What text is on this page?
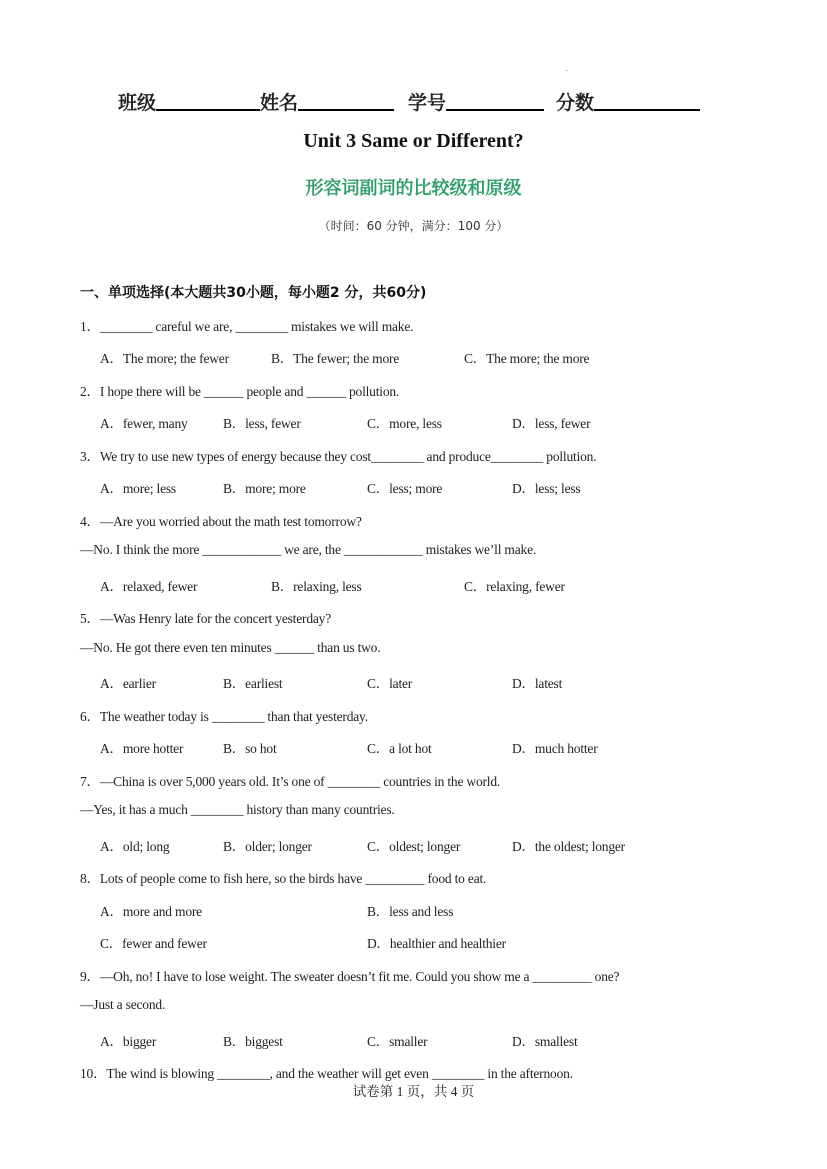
.
班级	姓名	学号	分数
Unit 3 Same or Different?
形容词副词的比较级和原级
（时间：60 分钟，满分：100 分）
一、单项选择(本大题共30小题，每小题2 分，共60分)
1．________ careful we are, ________ mistakes we will make.
A．The more; the fewer	B．The fewer; the more	C．The more; the more
2．I hope there will be ______ people and ______ pollution.
A．fewer, many	B．less, fewer	C．more, less	D．less, fewer
3．We try to use new types of energy because they cost________ and produce________ pollution.
A．more; less	B．more; more	C．less; more	D．less; less
4．—Are you worried about the math test tomorrow?
—No. I think the more ____________ we are, the ____________ mistakes we’ll make.
A．relaxed, fewer	B．relaxing, less	C．relaxing, fewer
5．—Was Henry late for the concert yesterday?
—No. He got there even ten minutes ______ than us two.
A．earlier	B．earliest	C．later	D．latest
6．The weather today is ________ than that yesterday.
A．more hotter	B．so hot	C．a lot hot	D．much hotter
7．—China is over 5,000 years old. It’s one of ________ countries in the world.
—Yes, it has a much ________ history than many countries.
A．old; long	B．older; longer	C．oldest; longer	D．the oldest; longer
8．Lots of people come to fish here, so the birds have _________ food to eat.
A．more and more	B．less and less
C．fewer and fewer	D．healthier and healthier
9．—Oh, no! I have to lose weight. The sweater doesn’t fit me. Could you show me a _________ one?
—Just a second.
A．bigger	B．biggest	C．smaller	D．smallest
10．The wind is blowing ________, and the weather will get even ________ in the afternoon.
试卷第 1 页，共 4 页
